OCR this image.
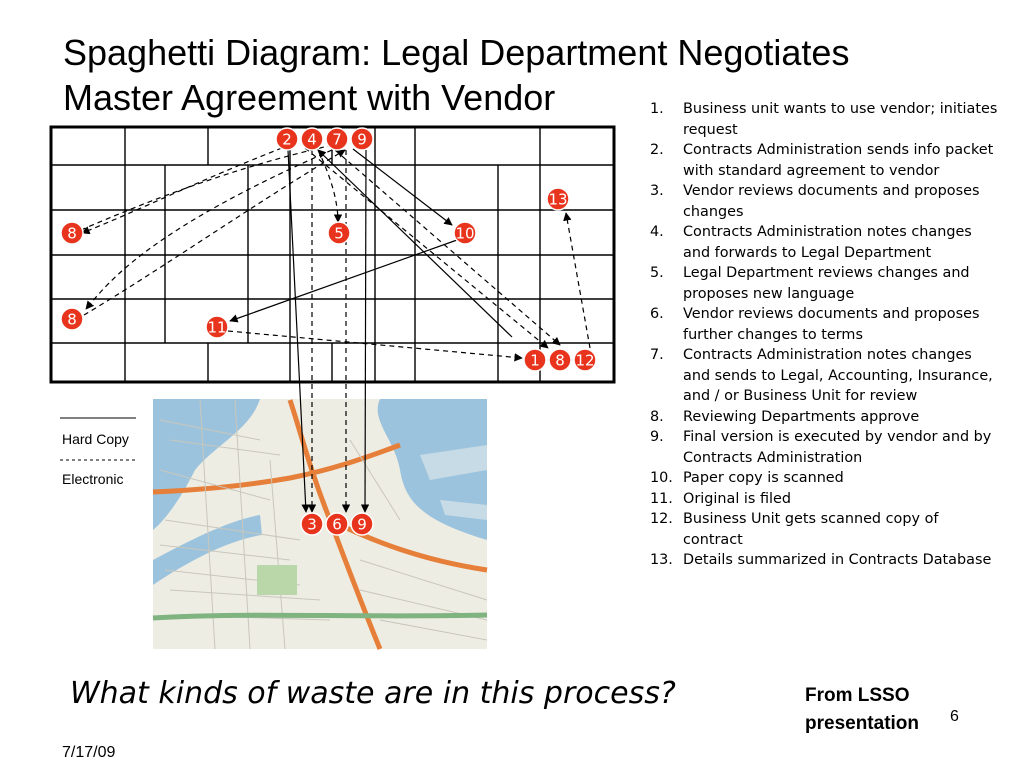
Spaghetti Diagram: Legal Department Negotiates
Master Agreement with Vendor
2 4 7 9
8
8
5	10
13
11
1 8 12
3 6 9
Hard Copy
Electronic
1.	Business unit wants to use vendor; initiates request
2.	Contracts Administration sends info packet with standard agreement to vendor
3.	Vendor reviews documents and proposes changes
4.	Contracts Administration notes changes and forwards to Legal Department
5.	Legal Department reviews changes and proposes new language
6.	Vendor reviews documents and proposes further changes to terms
7.	Contracts Administration notes changes and sends to Legal, Accounting, Insurance, and / or Business Unit for review
8.	Reviewing Departments approve
9.	Final version is executed by vendor and by Contracts Administration
10. Paper copy is scanned
11. Original is filed
12. Business Unit gets scanned copy of contract
13. Details summarized in Contracts Database
What kinds of waste are in this process?	From LSSO
presentation 6
7/17/09
